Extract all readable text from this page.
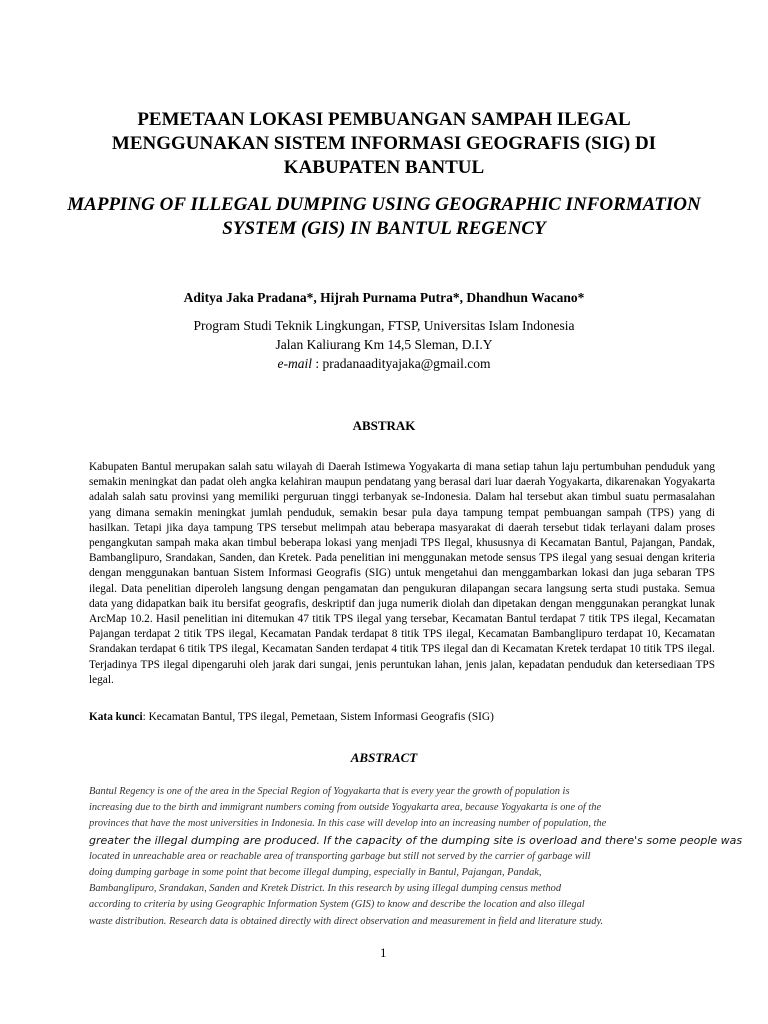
PEMETAAN LOKASI PEMBUANGAN SAMPAH ILEGAL MENGGUNAKAN SISTEM INFORMASI GEOGRAFIS (SIG) DI KABUPATEN BANTUL
MAPPING OF ILLEGAL DUMPING USING GEOGRAPHIC INFORMATION SYSTEM (GIS) IN BANTUL REGENCY
Aditya Jaka Pradana*, Hijrah Purnama Putra*, Dhandhun Wacano*
Program Studi Teknik Lingkungan, FTSP, Universitas Islam Indonesia
Jalan Kaliurang Km 14,5 Sleman, D.I.Y
e-mail : pradanaadityajaka@gmail.com
ABSTRAK
Kabupaten Bantul merupakan salah satu wilayah di Daerah Istimewa Yogyakarta di mana setiap tahun laju pertumbuhan penduduk yang semakin meningkat dan padat oleh angka kelahiran maupun pendatang yang berasal dari luar daerah Yogyakarta, dikarenakan Yogyakarta adalah salah satu provinsi yang memiliki perguruan tinggi terbanyak se-Indonesia. Dalam hal tersebut akan timbul suatu permasalahan yang dimana semakin meningkat jumlah penduduk, semakin besar pula daya tampung tempat pembuangan sampah (TPS) yang di hasilkan. Tetapi jika daya tampung TPS tersebut melimpah atau beberapa masyarakat di daerah tersebut tidak terlayani dalam proses pengangkutan sampah maka akan timbul beberapa lokasi yang menjadi TPS Ilegal, khususnya di Kecamatan Bantul, Pajangan, Pandak, Bambanglipuro, Srandakan, Sanden, dan Kretek. Pada penelitian ini menggunakan metode sensus TPS ilegal yang sesuai dengan kriteria dengan menggunakan bantuan Sistem Informasi Geografis (SIG) untuk mengetahui dan menggambarkan lokasi dan juga sebaran TPS ilegal. Data penelitian diperoleh langsung dengan pengamatan dan pengukuran dilapangan secara langsung serta studi pustaka. Semua data yang didapatkan baik itu bersifat geografis, deskriptif dan juga numerik diolah dan dipetakan dengan menggunakan perangkat lunak ArcMap 10.2. Hasil penelitian ini ditemukan 47 titik TPS ilegal yang tersebar, Kecamatan Bantul terdapat 7 titik TPS ilegal, Kecamatan Pajangan terdapat 2 titik TPS ilegal, Kecamatan Pandak terdapat 8 titik TPS ilegal, Kecamatan Bambanglipuro terdapat 10, Kecamatan Srandakan terdapat 6 titik TPS ilegal, Kecamatan Sanden terdapat 4 titik TPS ilegal dan di Kecamatan Kretek terdapat 10 titik TPS ilegal. Terjadinya TPS ilegal dipengaruhi oleh jarak dari sungai, jenis peruntukan lahan, jenis jalan, kepadatan penduduk dan ketersediaan TPS legal.
Kata kunci: Kecamatan Bantul, TPS ilegal, Pemetaan, Sistem Informasi Geografis (SIG)
ABSTRACT
Bantul Regency is one of the area in the Special Region of Yogyakarta that is every year the growth of population is
increasing due to the birth and immigrant numbers coming from outside Yogyakarta area, because Yogyakarta is one of the
provinces that have the most universities in Indonesia. In this case will develop into an increasing number of population, the
greater the illegal dumping are produced. If the capacity of the dumping site is overload and there's some people was
located in unreachable area or reachable area of transporting garbage but still not served by the carrier of garbage will
doing dumping garbage in some point that become illegal dumping, especially in Bantul, Pajangan, Pandak,
Bambanglipuro, Srandakan, Sanden and Kretek District. In this research by using illegal dumping census method
according to criteria by using Geographic Information System (GIS) to know and describe the location and also illegal
waste distribution. Research data is obtained directly with direct observation and measurement in field and literature study.
1
